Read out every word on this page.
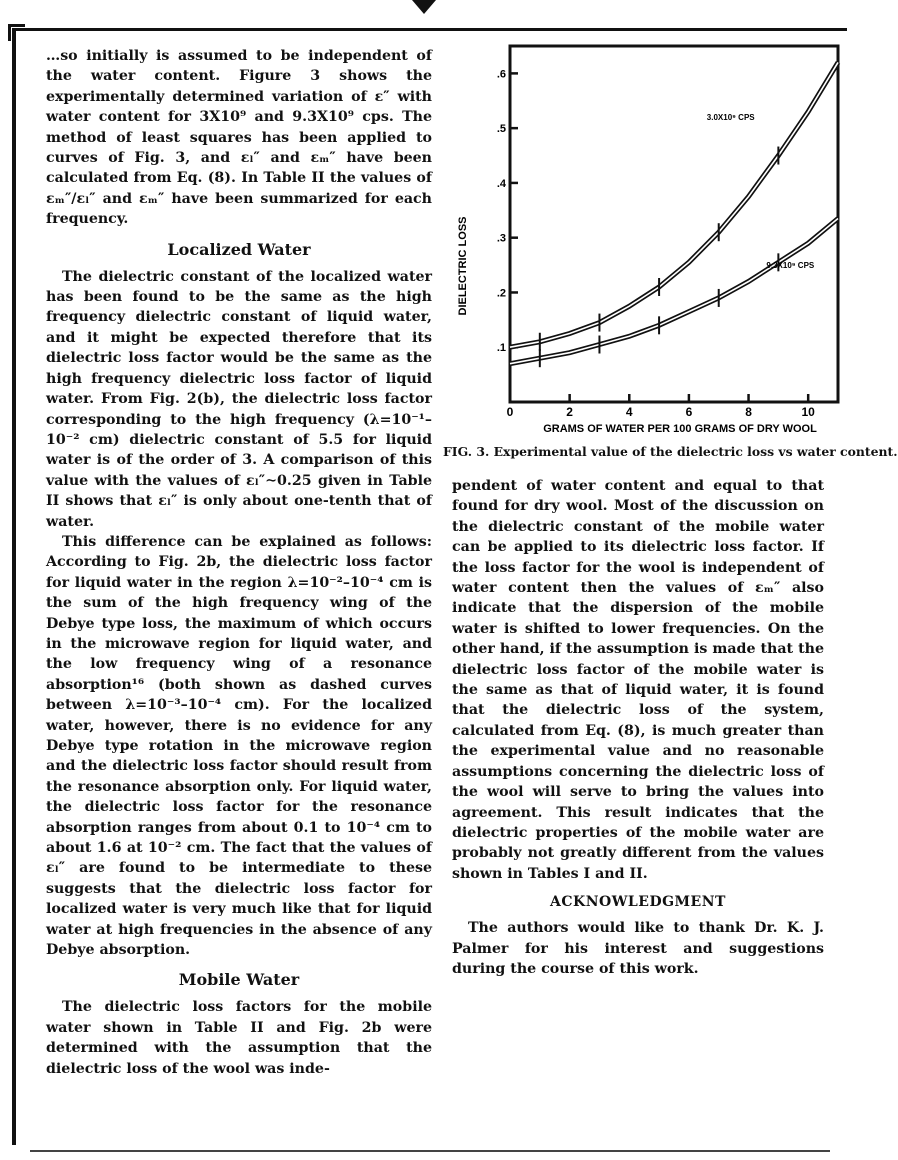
…so initially is assumed to be independent of the water content. Figure 3 shows the experimentally determined variation of ε″ with water content for 3X10⁹ and 9.3X10⁹ cps. The method of least squares has been applied to curves of Fig. 3, and εₗ″ and εₘ″ have been calculated from Eq. (8). In Table II the values of εₘ″/εₗ″ and εₘ″ have been summarized for each frequency.

Localized Water

The dielectric constant of the localized water has been found to be the same as the high frequency dielectric constant of liquid water, and it might be expected therefore that its dielectric loss factor would be the same as the high frequency dielectric loss factor of liquid water. From Fig. 2(b), the dielectric loss factor corresponding to the high frequency (λ=10⁻¹–10⁻² cm) dielectric constant of 5.5 for liquid water is of the order of 3. A comparison of this value with the values of εₗ″∼0.25 given in Table II shows that εₗ″ is only about one-tenth that of water.

This difference can be explained as follows: According to Fig. 2b, the dielectric loss factor for liquid water in the region λ=10⁻²–10⁻⁴ cm is the sum of the high frequency wing of the Debye type loss, the maximum of which occurs in the microwave region for liquid water, and the low frequency wing of a resonance absorption¹⁶ (both shown as dashed curves between λ=10⁻³–10⁻⁴ cm). For the localized water, however, there is no evidence for any Debye type rotation in the microwave region and the dielectric loss factor should result from the resonance absorption only. For liquid water, the dielectric loss factor for the resonance absorption ranges from about 0.1 to 10⁻⁴ cm to about 1.6 at 10⁻² cm. The fact that the values of εₗ″ are found to be intermediate to these suggests that the dielectric loss factor for localized water is very much like that for liquid water at high frequencies in the absence of any Debye absorption.

Mobile Water

The dielectric loss factors for the mobile water shown in Table II and Fig. 2b were determined with the assumption that the dielectric loss of the wool was inde-

.1
.2
.3
.4
.5
.6
0	2	4	6	8	10
GRAMS OF WATER PER 100 GRAMS OF DRY WOOL
DIELECTRIC LOSS
3.0X10⁹ CPS
9.3X10⁹ CPS
FIG. 3. Experimental value of the dielectric loss vs water content.

pendent of water content and equal to that found for dry wool. Most of the discussion on the dielectric constant of the mobile water can be applied to its dielectric loss factor. If the loss factor for the wool is independent of water content then the values of εₘ″ also indicate that the dispersion of the mobile water is shifted to lower frequencies. On the other hand, if the assumption is made that the dielectric loss factor of the mobile water is the same as that of liquid water, it is found that the dielectric loss of the system, calculated from Eq. (8), is much greater than the experimental value and no reasonable assumptions concerning the dielectric loss of the wool will serve to bring the values into agreement. This result indicates that the dielectric properties of the mobile water are probably not greatly different from the values shown in Tables I and II.

ACKNOWLEDGMENT

The authors would like to thank Dr. K. J. Palmer for his interest and suggestions during the course of this work.
